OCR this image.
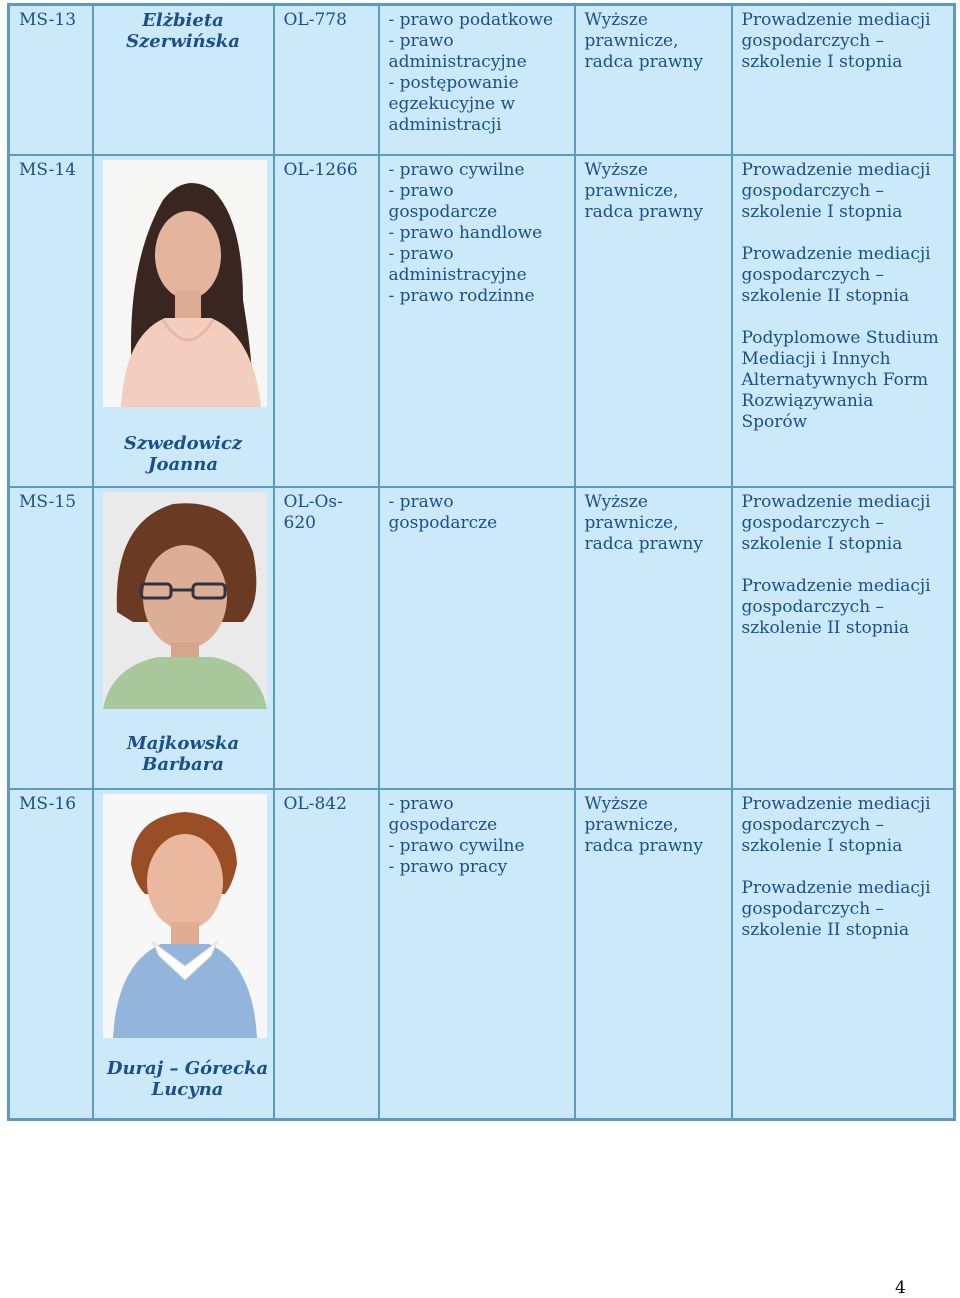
MS-13	Elżbieta Szerwińska	OL-778	- prawo podatkowe
- prawo administracyjne
- postępowanie egzekucyjne w administracji	Wyższe prawnicze, radca prawny	Prowadzenie mediacji gospodarczych – szkolenie I stopnia

MS-14	Szwedowicz Joanna	OL-1266	- prawo cywilne
- prawo gospodarcze
- prawo handlowe
- prawo administracyjne
- prawo rodzinne	Wyższe prawnicze, radca prawny	Prowadzenie mediacji gospodarczych – szkolenie I stopnia
Prowadzenie mediacji gospodarczych – szkolenie II stopnia
Podyplomowe Studium Mediacji i Innych Alternatywnych Form Rozwiązywania Sporów

MS-15	Majkowska Barbara	OL-Os-620	- prawo gospodarcze	Wyższe prawnicze, radca prawny	Prowadzenie mediacji gospodarczych – szkolenie I stopnia
Prowadzenie mediacji gospodarczych – szkolenie II stopnia

MS-16	Duraj – Górecka Lucyna	OL-842	- prawo gospodarcze
- prawo cywilne
- prawo pracy	Wyższe prawnicze, radca prawny	Prowadzenie mediacji gospodarczych – szkolenie I stopnia
Prowadzenie mediacji gospodarczych – szkolenie II stopnia
4
